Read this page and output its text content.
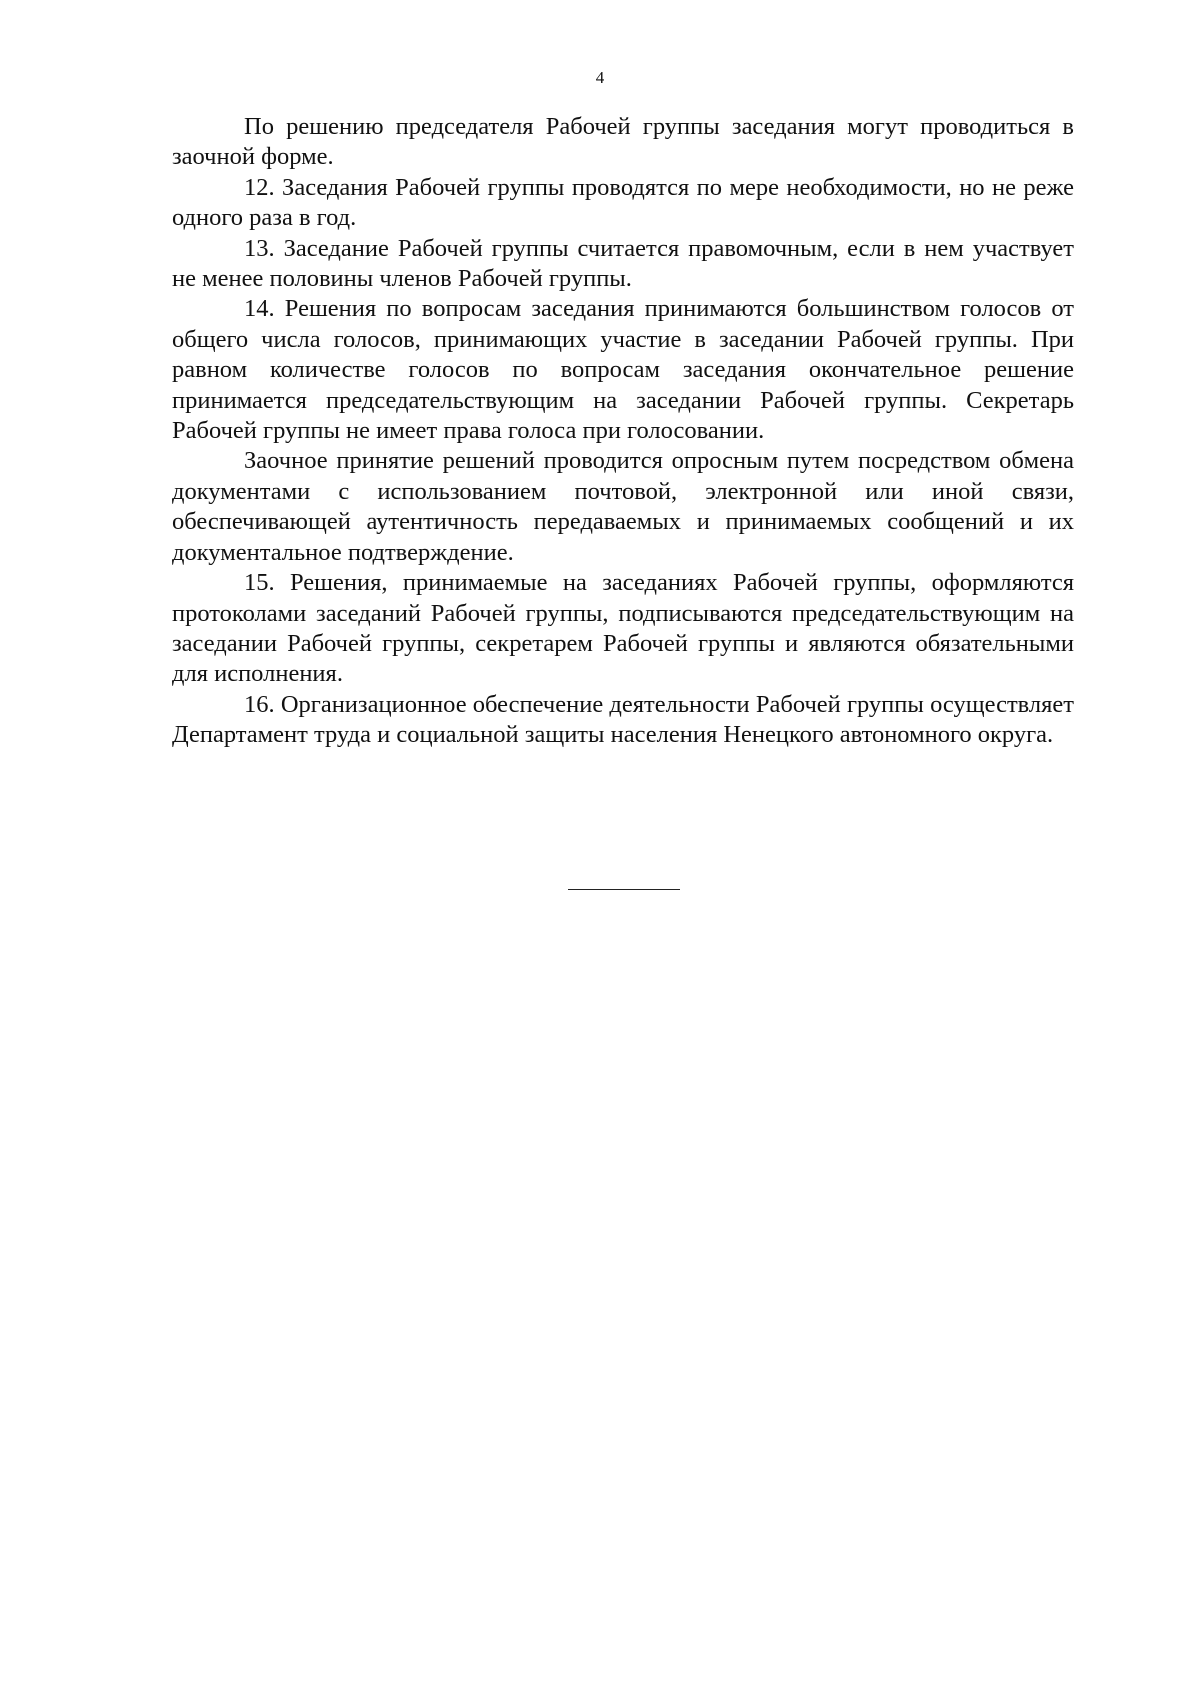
4

По решению председателя Рабочей группы заседания могут проводиться в заочной форме.

12. Заседания Рабочей группы проводятся по мере необходимости, но не реже одного раза в год.

13. Заседание Рабочей группы считается правомочным, если в нем участвует не менее половины членов Рабочей группы.

14. Решения по вопросам заседания принимаются большинством голосов от общего числа голосов, принимающих участие в заседании Рабочей группы. При равном количестве голосов по вопросам заседания окончательное решение принимается председательствующим на заседании Рабочей группы. Секретарь Рабочей группы не имеет права голоса при голосовании.

Заочное принятие решений проводится опросным путем посредством обмена документами с использованием почтовой, электронной или иной связи, обеспечивающей аутентичность передаваемых и принимаемых сообщений и их документальное подтверждение.

15. Решения, принимаемые на заседаниях Рабочей группы, оформляются протоколами заседаний Рабочей группы, подписываются председательствующим на заседании Рабочей группы, секретарем Рабочей группы и являются обязательными для исполнения.

16. Организационное обеспечение деятельности Рабочей группы осуществляет Департамент труда и социальной защиты населения Ненецкого автономного округа.
